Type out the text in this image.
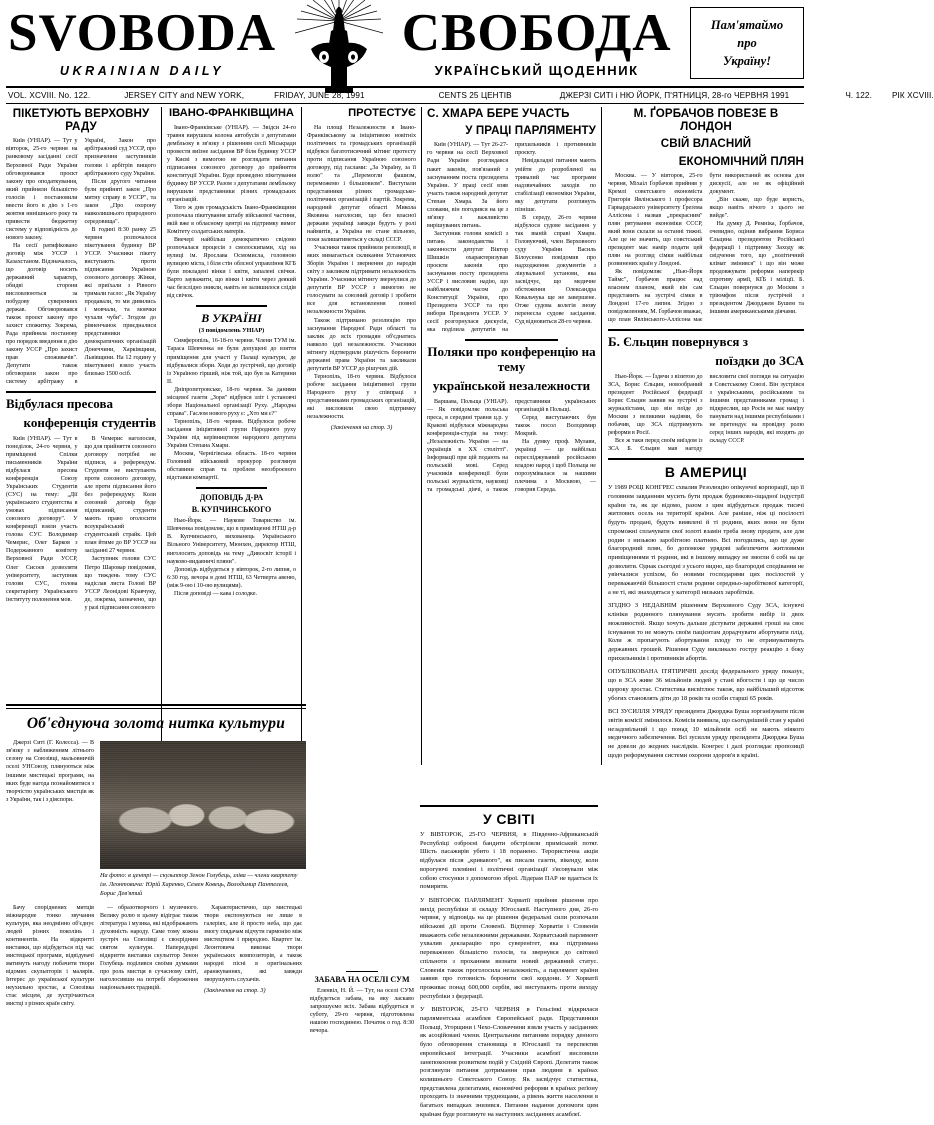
SVOBODA
UKRAINIAN DAILY
СВОБОДА
УКРАЇНСЬКИЙ ЩОДЕННИК
Пам'ятаймо
про
Україну!
VOL. XCVIII. No. 122.	JERSEY CITY and NEW YORK,	FRIDAY, JUNE 28, 1991	CENTS 25 ЦЕНТІВ	ДЖЕРЗІ СИТІ і НЮ ЙОРК, П'ЯТНИЦЯ, 28-го ЧЕРВНЯ 1991	Ч. 122. РІК XCVIII.
ПІКЕТУЮТЬ ВЕРХОВНУ РАДУ

Київ (УНІАР). — Тут у вівторок, 25-го червня на ранковому засіданні сесії Верховної Ради України обговорювався проєкт закону про оподаткування, який прийняли більшістю голосів і постановили ввести його в дію з 1-го жовтня нинішнього року та привести бюджетну систему у відповідність до нового закону.

На сесії ратифіковано договір між УССР і Казахстаном. Відзначалось, що договір носить державний характер, обидві сторони висловлюються за побудову суверенних держав. Обговорювався також проєкт закону про захист спожитку. Зокрема, Рада прийняла постанову про порядок введення в дію закону УССР „Про захист прав споживачів". Депутати також обговорили закон про систему арбітражу в Україні, Закон про арбітражний суд УССР, про призначення заступників голови і арбітрів вищого арбітражного суду України.

Після другого читання були прийняті закон „Про митну справу в УССР", та закон „Про охорону навколишнього природного середовища".

В годині 8:30 ранку 25 червня розпочалося пікетування будинку ВР УССР. Учасники пікету виступають проти підписання Україною союзного договору. Жінки, які приїхали з Рівного тримали гасло: „Як Україну продавали, то ми дивились і мовчали, та мовчки чухали чуби". Згодом до рівненчанок приєдналися представники демократичних організацій Донеччини, Харківщини, Львівщини. На 12 годину у пікетуванні взяло участь близько 1500 осіб.

Відбулася пресова
конференція студентів

Київ (УНІАР). — Тут в понеділок, 24-го червня, у приміщенні Спілки письменників України відбулася пресова конференція Союзу Українських Студентів (СУС) на тему: „Дії українського студентства в умовах підписання союзного договору". У конференції взяли участь голова СУС Володимир Чемерис, Олег Барков з Подержавного комітету Верховної Ради УССР, Олег Сисоєв дозволяти університету, заступник голови СУС, голова секретаріяту Українського інституту полонення мов.

В Чемерис наголосив, що для прийняття союзного договору потрібні не підписи, а референдум. Студенти не виступають проти союзного договору, але проти підписання його без референдуму. Коли союзний договір буде підписаний, студенти мають право оголосити всеукраїнський студентський страйк. Цей план йтиме до ВР УССР на засіданні 27 червня.

Заступник голови СУС Петро Шаровар повідомив, що тиждень тому СУС надіслав листа Голові ВР УССР Леонідові Кравчуку, де, зокрема, зазначено, що у разі підписання союзного

ІВАНО-ФРАНКІВЩИНА

Івано-Франківське (УНІАР). — Звідси 24-го травня вирушила колона автобусів з депутатами дембльоку в зв'язку з рішенням сесії Міськради провести виїзне засідання ВР біля будинку УССР у Києві з вимогою не розглядати питання підписання союзного договору до прийняття конституції України. Буде проведено пікетування будинку ВР УССР. Разом з депутатами лембльоку вирушили представники різних громадських організацій.

Того ж дня громадськість Івано-Франківщини розпочала пікетування штабу військової частини, якій вже в обласному центрі на підтримку вимог Комітету солдатських матерів.

Ввечері найбільш демократично свідомо розпочалася процесія з смолоскипами, хід на вулиці ім. Ярослава Осмомисла, головною вулицею міста, і біля стін облсної управління КГБ були покладені вінки і квіти, запалені свічки. Варто зауважити, що вінки і квіти через деякий час безслідно зникли, навіть не залишилося слідів від свічок.

В УКРАЇНІ
(З повідомлень УНІАР)

Симферопіль, 16-18-го червня. Члени ТУМ ім. Тараса Шевченка не були допущені до взяття приміщення для участі у Палаці культури, де відбувалися збори. Ходи до зустрічей, що договір із Україною гірший, ніж той, що був за Катерини II.

Дніпропетровське, 18-го червня. За даними місцевої газети „Зоря" відбувся зліт і установчі збори Національної організації Руху. „Народна справа". Гаслом нового руху є: „Хто ми є?"

Тернопіль, 18-го червня. Відбулося робоче засідання ініціятивної групи Народного руху України під керівництвом народного депутата України Степана Хмари.

Москва, Чернігівська область. 18-го червня Головний військовий прокурор розглянув обставини справ та проблем неозброєного відставки компартії.

ДОПОВІДЬ Д-РА
В. КУПЧИНСЬКОГО

Нью-Йорк. — Наукове Товариство ім. Шевченка повідомляє, що в приміщенні НТШ д-р В. Купчинського, вихованець Українського Вільного Університету, Мюнхен, директор НТШ, виголосить доповідь на тему „Дивосвіт історії і науково-видавничі пляни".

Доповідь відбудеться у вівторок, 2-го липня, о 6:30 год. вечора в домі НТШ, 63 Четверта авеню, (між 9-ою і 10-ою вулицями).

Після доповіді — кава і солодке.

ПРОТЕСТУЄ

На площі Незалежности в Івано-Франківському за ініціятивою новітніх політичних та громадських організацій відбувся багатотисячний мітинг протесту проти підписання Україною союзного договору, під гаслами: „За Україну, за її волю" та „Перемогли фашизм, переможемо і більшовизм". Виступали представники різних громадсько-політичних організацій і партій. Зокрема, народний депутат області Микола Яковина наголосив, що без власної держави українці завжди будуть у ролі наймитів, а Україна не стане вільною, поки залишатиметься у складі СССР.

Учасники також прийняли резолюції, в яких вимагається скликання Установчих Зборів України і звернення до народів світу з закликом підтримати незалежність України. Учасники мітингу звернулися до депутатів ВР УССР з вимогою не голосувати за союзний договір і зробити все для встановлення повної незалежности України.

Також підтримано резолюцію про заснування Народної Ради області та заклик до всіх громадян об'єднатись навколо ідеї незалежности. Учасники мітингу підтвердили рішучість боронити державні права України та закликали депутатів ВР УССР до рішучих дій.

Тернопіль, 18-го червня. Відбулося робоче засідання ініціятивної групи Народного руху у співпраці з представниками громадських організацій, які висловили свою підтримку незалежности.

(Закінчення на стор. 3)
С. ХМАРА БЕРЕ УЧАСТЬ
У ПРАЦІ ПАРЛЯМЕНТУ

Київ (УНІАР). — Тут 26-27-го червня на сесії Верховної Ради України розглядався пакет законів, пов'язаний з заснуванням поста президента України. У праці сесії взяв участь також народний депутат Степан Хмара. За його словами, він погодився на це з зв'язку з важливістю вирішуваних питань.

Заступник голови комісії з питань законодавства і законности депутат Віктор Шишкін охарактеризував проєкти законів про заснування посту президента УССР і висловив надію, що найближчим часом до Конституції України, про Президента УССР та про вибори Президента УССР. У сесії розгорнулася дискусія, яка поділила депутатів на прихильників і противників проєкту.

Невідкладні питання мають увійти до розробленої на тривалий час програми надзвичайних заходів по стабілізації економіки України, яку депутати розглянуть пізніше.

В середу, 26-го червня відбулося судове засідання у так званій справі Хмари. Головуючий, член Верховного суду України Василь Білоусенко повідомив про надходження документів з лікувальної установи, яка засвідчує, що медичне обстеження Олександра Ковальчука ще не завершене. Отже судова колегія знову перенесла судове засідання. Суд відновиться 28-го червня.

Поляки про конференцію на тему
українськой незалежности

Варшава, Польща (УНІАР). — Як повідомляє польська преса, в середині травня ц.р. у Кракові відбулася міжнародна конференція-студія на тему: „Незалежність України — на українців в XX столітті". Інформації при цій подають на польській мові. Серед учасників конференції були польські журналісти, науковці та громадські діячі, а також представники українських організацій в Польщі.

Серед виступаючих був також посол Володимир Мокрий.

На думку проф. Мулави, українці — це найбільш пересліджуваний російською владою народ і щоб Польща не порозумівалася за нашими плечима з Москвою, — говорив Середа.

М. ҐОРБАЧОВ ПОВЕЗЕ В ЛОНДОН
СВІЙ ВЛАСНИЙ
ЕКОНОМІЧНИЙ ПЛЯН

Москва. — У вівторок, 25-го червня, Міхаіл Ґорбачов прийняв у Кремлі совєтського економіста Григорія Явлінського і професора Гарвардського університету Ґреґема Аллісона і назвав „прекрасним" плян рятування економіки СССР, який вони склали за останні тижні. Але це не значить, що совєтський президент має намір подати цей плян на розгляд сімки найбільш розвинених країн у Лондоні.

Як повідомляє „Нью-Йорк Таймс", Ґорбачов працює над власним планом, який він сам представить на зустрічі сімки в Лондоні 17-го липня. Згідно з повідомленням, М. Ґорбачов вважає, що план Явлінського-Аллісона має бути використаний як основа для дискусії, але не як офіційний документ.

„Він скаже, що буде користь, якщо навіть нічого з цього не вийде".

На думку Д. Ремніка, Ґорбачов, очевидно, оцінив вибрання Бориса Єльцина президентом Російської федерації і підтримку Заходу як свідчення того, що „політичний клімат змінився" і що він може продовжувати реформи наперекір спротиву армії, КҐБ і міліції. Б. Єльцин повернувся до Москви з тріюмфом після зустрічей з президентом Джорджем Бушем та іншими американськими діячами.

Б. Єльцин повернувся з
поїздки до ЗСА

Нью-Йорк. — Їздячи з візитою до ЗСА, Борис Єльцин, новообраний президент Російської федерації Борис Єльцин заявив на зустрічі з журналістами, що він поїде до Москви з великими надіями, бо побачив, що ЗСА підтримують реформи в Росії.

Все ж таки перед своїм виїздом із ЗСА Б. Єльцин мав нагоду висловити свої погляди на ситуацію в Совєтському Союзі. Він зустрівся з українськими, російськими та іншими представниками громад і підкреслив, що Росія не має наміру панувати над іншими республіками і не претендує на провідну ролю серед інших народів, які входять до складу СССР.

В АМЕРИЦІ

У 1989 РОЦІ КОНГРЕС схвалив Резолюцію опікунчої корпорації, що її головним завданням мусить бути продаж будинково-ощадної індустрії країни та, як це відомо, разом з цим відбудеться продаж тисячі житлових осель на території країни. Але раніше, ніж ці посілості будуть продані, будуть виявлені й ті родини, яких вони не були спроможні сплачувати свої золоті взамін треба знову продати, але для родин з низькою заробітною платнею. Всі погодились, що це дуже благородний плян, бо допоможе урядові забезпечити житловими приміщеннями ті родини, які в іншому випадку не змогли б собі на це дозволити. Однак сьогодні з усього видно, що благородні сподівання не увінчалися успіхом, бо новими господарями цих посілостей у переважаючій більшості стали родини середньо-заробіткової категорії, а не ті, які знаходяться у категорії низьких заробітків.

ЗГІДНО З НЕДАВНІМ рішенням Верховного Суду ЗСА, існуючі клініки родинного плянування мусять зробити вибір із двох можливостей. Якщо хочуть дальше дістувати державні гроші на своє існування то не можуть своїм пацієнтам дорадчувати абортувати плід. Коли ж пропагують абортування плоду то не отримуватимуть державних грошей. Рішення Суду викликало гостру реакцію з боку прихильників і противників абортів.

ОПУБЛІКОВАНА П'ЯТІРИЧНІ дослід федерального уряду показує, що в ЗСА живе 36 мільйонів людей у стані вбогости і що це число щороку зростає. Статистика висвітлює також, що найбільший відсоток убогих становлять діти до 18 років та особи старші 65 років.

ВСІ ЗУСИЛЛЯ УРЯДУ президента Джорджа Буша зорганізувати після звітів комісії змінилося. Комісія виявила, що сьогоднішній стан у країні незадовільний і що понад 10 мільйонів осіб не мають ніякого медичного забезпечення. Всі зусилля уряду президента Джорджа Буша не довели до жодних наслідків. Конгрес і далі розглядає пропозиції щодо реформування системи охорони здоров'я в країні.

Об'єднуюча золота нитка культури

Джерзі Ситі (Г. Колесса). — В зв'язку з наближенням літнього сезону на Союзівці, мальовничій оселі УНСоюзу, плянуються між іншими мистецькі програми, на яких буде нагода познайомитися з творчістю українських мистців як з України, так і з діяспори.

На фото: в центрі — скульптор Зенон Голубець, зліва — члени квартету ім. Леонтовича: Юрій Харенко, Семен Ковець, Володимир Пантелеєв, Борис Дев'ятий

Бачу споріднених митців міжнародне тонко звучання культури, яка неодмінно об'єднує людей різних поколінь і континентів. На відкритті виставки, що відбудеться під час мистецької програми, відвідувачі матимуть нагоду побачити твори відомих скульпторів і малярів. Інтерес до української культури неухильно зростає, а Союзівка стає місцем, де зустрічаються мистці з різних країн світу.

— образотворчого і музичного. Велику ролю в цьому відіграє також література і музика, які відображають духовність народу. Саме тому кожна зустріч на Союзівці є своєрідним святом культури. Напередодні відкриття виставки скульптор Зенон Голубець поділився своїми думками про роль мистця в сучасному світі, наголосивши на потребі збереження національних традицій.

Характеристично, що мистецькі твори експонуються не лише в галеріях, але й просто неба, що дає змогу глядачам відчути гармонію між мистецтвом і природою. Квартет ім. Леонтовича виконає твори українських композиторів, а також народні пісні в оригінальних аранжуваннях, які завжди зворушують слухачів.

(Закінчення на стор. 3)
ЗАБАВА НА ОСЕЛІ СУМ

Еленвіл, Н. Й. — Тут, на оселі СУМ відбудеться забава, на яку ласкаво запрошуємо всіх. Забава відбудеться в суботу, 29-го червня, підготовлена нашою господинею. Початок о год. 8:30 вечора.

У СВІТІ

У ВІВТОРОК, 25-ГО ЧЕРВНЯ, в Південно-Африканській Республіці озброєні бандити обстріляли приміський потяг. Шість пасажирів убито і 18 поранено. Терористична акція відбулася після „кривавого", як писали газети, вікенду, коли ворогуючі племінні і політичні організації з'ясовували між собою стосунки з допомогою зброї. Лідерам ПАР не вдається їх помирити.

У ВІВТОРОК ПАРЛЯМЕНТ Хорватії прийняв рішення про вихід республіки зі складу Югославії. Наступного дня, 26-го червня, у відповідь на це рішення федеральні сили розпочали військові дії проти Словенії. Відтепер Хорватія і Словенія вважають себе незалежними державами. Хорватський парлямент ухвалив декларацію про суверенітет, яка підтримана переважною більшістю голосів, та звернувся до світової спільноти з проханням визнати новий державний статус. Словенія також проголосила незалежність, а парлямент країни заявив про готовність боронити свої кордони. У Хорватії проживає понад 600,000 сербів, які виступають проти виходу республіки з федерації.

У ВІВТОРОК, 25-ГО ЧЕРВНЯ в Гельсінкі відкрилася парляментська асамблея Європейської ради. Представники Польщі, Угорщини і Чехо-Словаччини взяли участь у засіданнях як асоційовані члени. Центральним питанням порядку денного було обговорення становища в Югославії та перспектив европейської інтеграції. Учасники асамблеї висловили занепокоєння розвитком подій у Східній Європі. Делегати також розглянули питання дотримання прав людини в країнах колишнього Совєтського Союзу. Як засвідчує статистика, представлена делегатами, економічні реформи в країнах реґіону проходять із значними труднощами, а рівень життя населення в багатьох випадках знизився. Питання надання допомоги цим країнам буде розглянуте на наступних засіданнях асамблеї.
